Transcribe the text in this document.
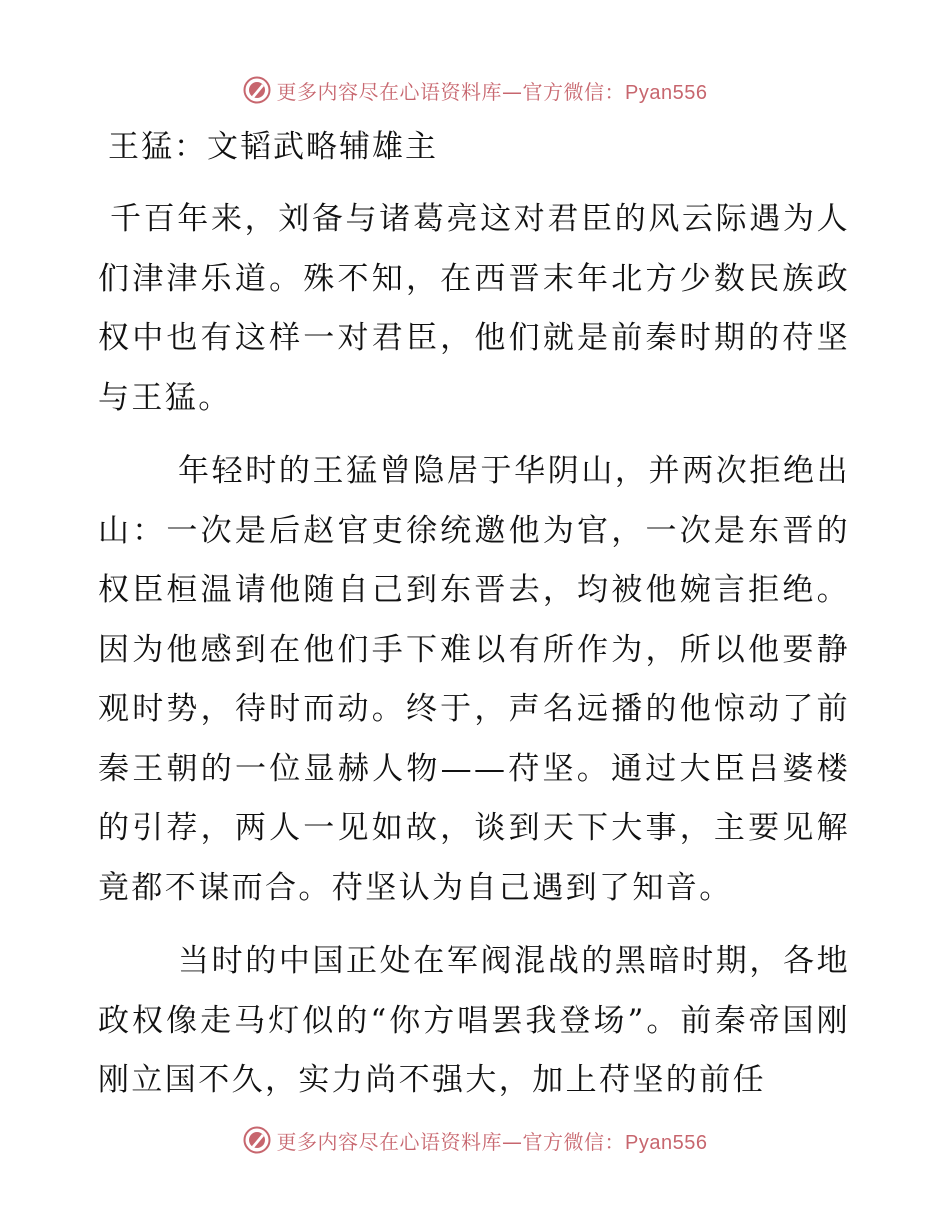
更多内容尽在心语资料库—官方微信：Pyan556
王猛：文韬武略辅雄主

千百年来，刘备与诸葛亮这对君臣的风云际遇为人们津津乐道。殊不知，在西晋末年北方少数民族政权中也有这样一对君臣，他们就是前秦时期的苻坚与王猛。

年轻时的王猛曾隐居于华阴山，并两次拒绝出山：一次是后赵官吏徐统邀他为官，一次是东晋的权臣桓温请他随自己到东晋去，均被他婉言拒绝。因为他感到在他们手下难以有所作为，所以他要静观时势，待时而动。终于，声名远播的他惊动了前秦王朝的一位显赫人物——苻坚。通过大臣吕婆楼的引荐，两人一见如故，谈到天下大事，主要见解竟都不谋而合。苻坚认为自己遇到了知音。

当时的中国正处在军阀混战的黑暗时期，各地政权像走马灯似的“你方唱罢我登场”。前秦帝国刚刚立国不久，实力尚不强大，加上苻坚的前任

更多内容尽在心语资料库—官方微信：Pyan556
